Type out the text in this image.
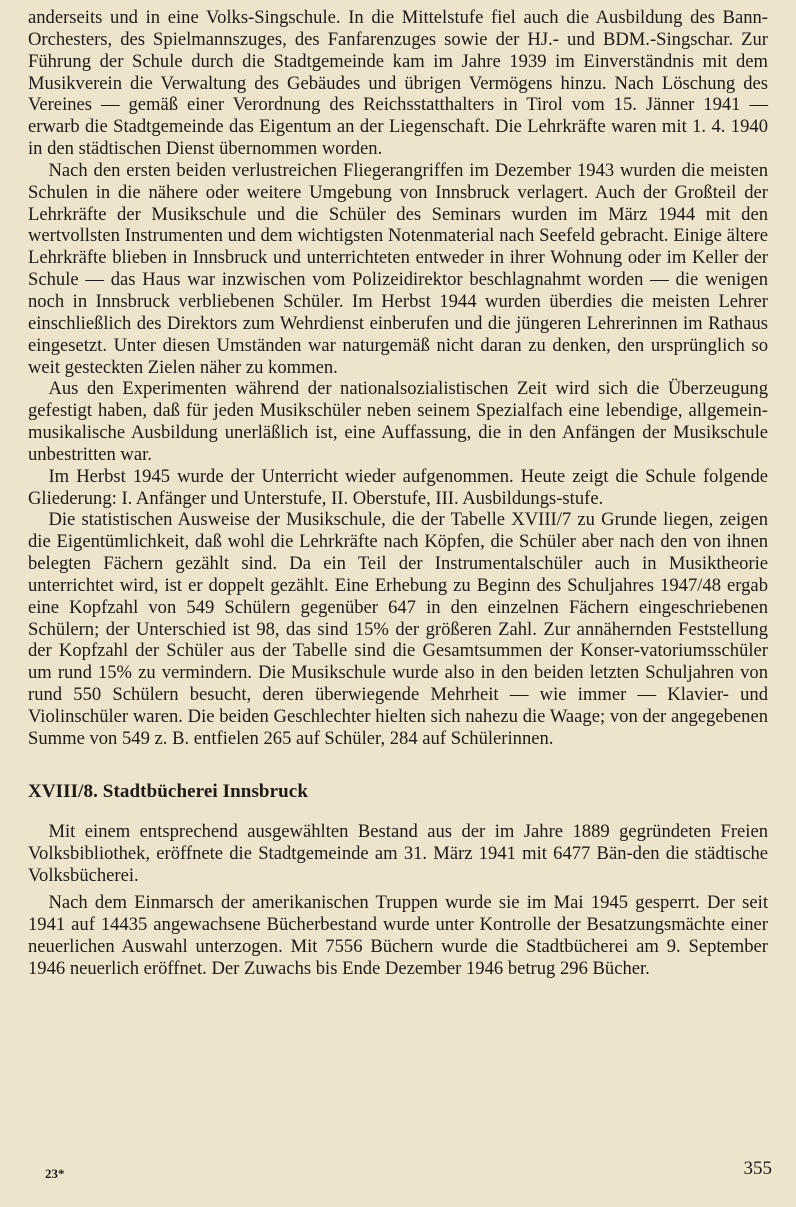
anderseits und in eine Volks-Singschule. In die Mittelstufe fiel auch die Ausbildung des Bann-Orchesters, des Spielmannszuges, des Fanfarenzuges sowie der HJ.- und BDM.-Singschar. Zur Führung der Schule durch die Stadtgemeinde kam im Jahre 1939 im Einverständnis mit dem Musikverein die Verwaltung des Gebäudes und übrigen Vermögens hinzu. Nach Löschung des Vereines — gemäß einer Verordnung des Reichsstatthalters in Tirol vom 15. Jänner 1941 — erwarb die Stadtgemeinde das Eigentum an der Liegenschaft. Die Lehrkräfte waren mit 1. 4. 1940 in den städtischen Dienst übernommen worden.

Nach den ersten beiden verlustreichen Fliegerangriffen im Dezember 1943 wurden die meisten Schulen in die nähere oder weitere Umgebung von Innsbruck verlagert. Auch der Großteil der Lehrkräfte der Musikschule und die Schüler des Seminars wurden im März 1944 mit den wertvollsten Instrumenten und dem wichtigsten Notenmaterial nach Seefeld gebracht. Einige ältere Lehrkräfte blieben in Innsbruck und unterrichteten entweder in ihrer Wohnung oder im Keller der Schule — das Haus war inzwischen vom Polizeidirektor beschlagnahmt worden — die wenigen noch in Innsbruck verbliebenen Schüler. Im Herbst 1944 wurden überdies die meisten Lehrer einschließlich des Direktors zum Wehrdienst einberufen und die jüngeren Lehrerinnen im Rathaus eingesetzt. Unter diesen Umständen war naturgemäß nicht daran zu denken, den ursprünglich so weit gesteckten Zielen näher zu kommen.

Aus den Experimenten während der nationalsozialistischen Zeit wird sich die Überzeugung gefestigt haben, daß für jeden Musikschüler neben seinem Spezialfach eine lebendige, allgemein-musikalische Ausbildung unerläßlich ist, eine Auffassung, die in den Anfängen der Musikschule unbestritten war.

Im Herbst 1945 wurde der Unterricht wieder aufgenommen. Heute zeigt die Schule folgende Gliederung: I. Anfänger und Unterstufe, II. Oberstufe, III. Ausbildungs-stufe.

Die statistischen Ausweise der Musikschule, die der Tabelle XVIII/7 zu Grunde liegen, zeigen die Eigentümlichkeit, daß wohl die Lehrkräfte nach Köpfen, die Schüler aber nach den von ihnen belegten Fächern gezählt sind. Da ein Teil der Instrumentalschüler auch in Musiktheorie unterrichtet wird, ist er doppelt gezählt. Eine Erhebung zu Beginn des Schuljahres 1947/48 ergab eine Kopfzahl von 549 Schülern gegenüber 647 in den einzelnen Fächern eingeschriebenen Schülern; der Unterschied ist 98, das sind 15% der größeren Zahl. Zur annähernden Feststellung der Kopfzahl der Schüler aus der Tabelle sind die Gesamtsummen der Konser-vatoriumsschüler um rund 15% zu vermindern. Die Musikschule wurde also in den beiden letzten Schuljahren von rund 550 Schülern besucht, deren überwiegende Mehrheit — wie immer — Klavier- und Violinschüler waren. Die beiden Geschlechter hielten sich nahezu die Waage; von der angegebenen Summe von 549 z. B. entfielen 265 auf Schüler, 284 auf Schülerinnen.

XVIII/8. Stadtbücherei Innsbruck

Mit einem entsprechend ausgewählten Bestand aus der im Jahre 1889 gegründeten Freien Volksbibliothek, eröffnete die Stadtgemeinde am 31. März 1941 mit 6477 Bän-den die städtische Volksbücherei.

Nach dem Einmarsch der amerikanischen Truppen wurde sie im Mai 1945 gesperrt. Der seit 1941 auf 14435 angewachsene Bücherbestand wurde unter Kontrolle der Besatzungsmächte einer neuerlichen Auswahl unterzogen. Mit 7556 Büchern wurde die Stadtbücherei am 9. September 1946 neuerlich eröffnet. Der Zuwachs bis Ende Dezember 1946 betrug 296 Bücher.

23*	355
